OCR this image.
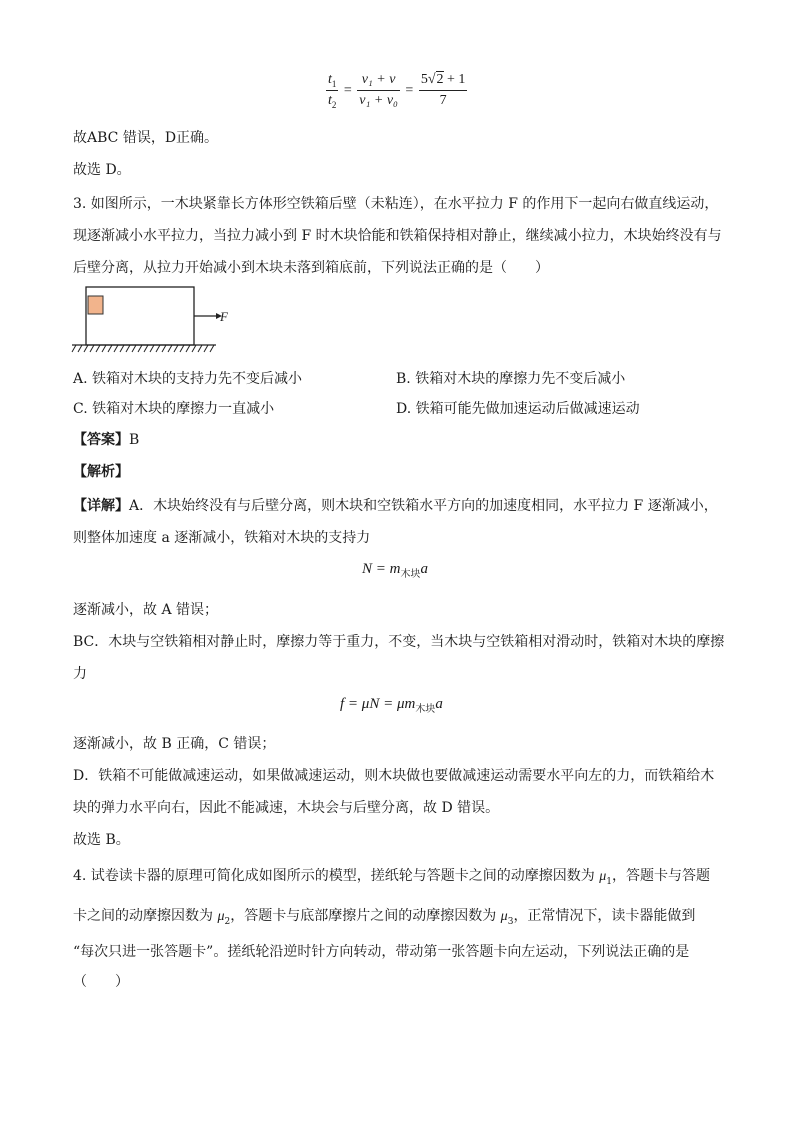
$\frac{t_1}{t_2} = \frac{\text{v₁ + v}}{\text{v₁ + v₀}} = \frac{5√2 + 1}{7}$
故ABC 错误，D正确。
故选 D。
3. 如图所示，一木块紧靠长方体形空铁箱后壁（未粘连），在水平拉力 F 的作用下一起向右做直线运动，
现逐渐减小水平拉力，当拉力减小到 F 时木块恰能和铁箱保持相对静止，继续减小拉力，木块始终没有与
后壁分离，从拉力开始减小到木块未落到箱底前，下列说法正确的是（　　）
F
A. 铁箱对木块的支持力先不变后减小	B. 铁箱对木块的摩擦力先不变后减小
C. 铁箱对木块的摩擦力一直减小	D. 铁箱可能先做加速运动后做减速运动
【答案】B
【解析】
【详解】A．木块始终没有与后壁分离，则木块和空铁箱水平方向的加速度相同，水平拉力 F 逐渐减小，
则整体加速度 a 逐渐减小，铁箱对木块的支持力
$N = m_{木块}a$
逐渐减小，故 A 错误；
BC．木块与空铁箱相对静止时，摩擦力等于重力，不变，当木块与空铁箱相对滑动时，铁箱对木块的摩擦
力
$f = \mu N = \mu m_{木块}a$
逐渐减小，故 B 正确，C 错误；
D．铁箱不可能做减速运动，如果做减速运动，则木块做也要做减速运动需要水平向左的力，而铁箱给木
块的弹力水平向右，因此不能减速，木块会与后壁分离，故 D 错误。
故选 B。
4. 试卷读卡器的原理可简化成如图所示的模型，搓纸轮与答题卡之间的动摩擦因数为 $\mu_1$，答题卡与答题
卡之间的动摩擦因数为 $\mu_2$，答题卡与底部摩擦片之间的动摩擦因数为 $\mu_3$，正常情况下，读卡器能做到
“每次只进一张答题卡”。搓纸轮沿逆时针方向转动，带动第一张答题卡向左运动，下列说法正确的是
（　　）
